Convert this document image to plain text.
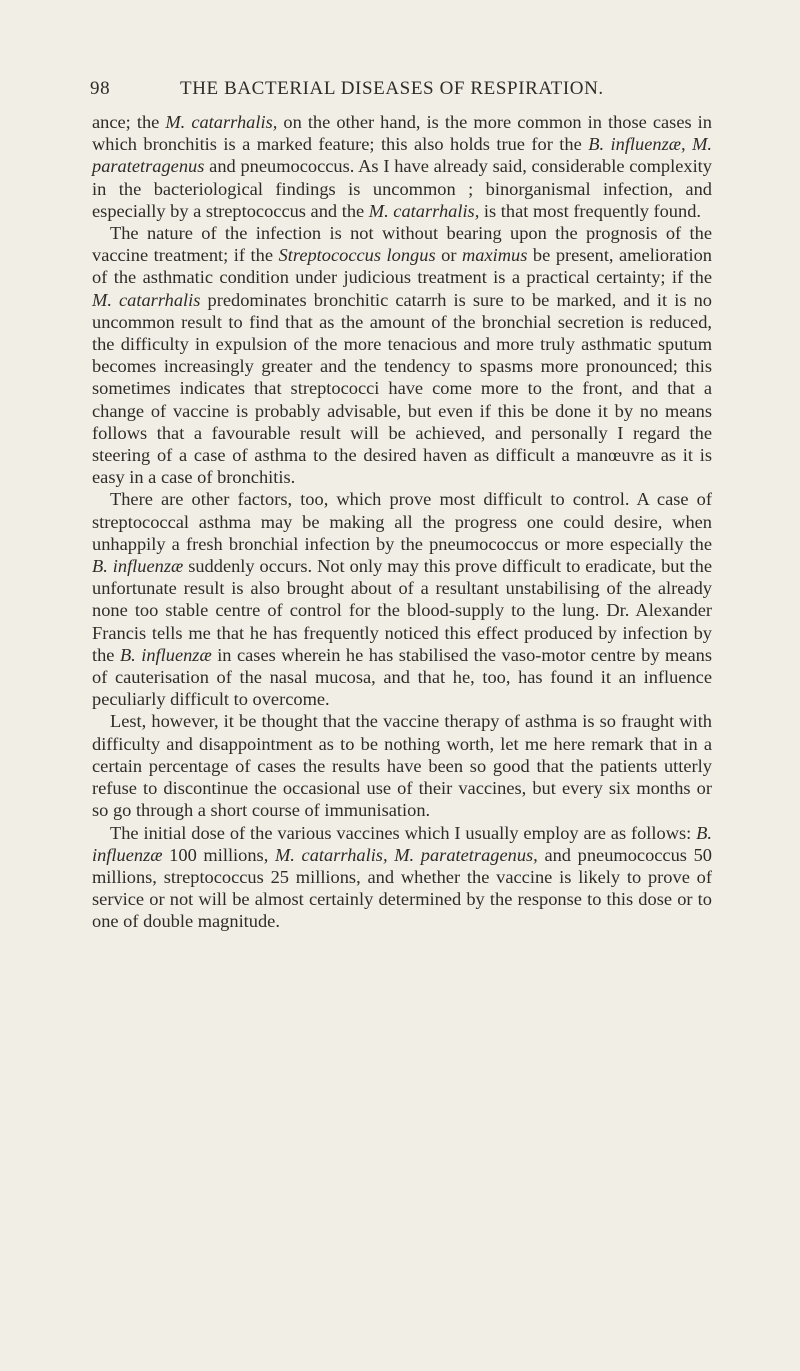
98	THE BACTERIAL DISEASES OF RESPIRATION.

ance; the M. catarrhalis, on the other hand, is the more common in those cases in which bronchitis is a marked feature; this also holds true for the B. influenzæ, M. paratetragenus and pneumococcus. As I have already said, considerable complexity in the bacteriological findings is uncommon ; binorganismal infection, and especially by a streptococcus and the M. catarrhalis, is that most frequently found.

The nature of the infection is not without bearing upon the prognosis of the vaccine treatment; if the Streptococcus longus or maximus be present, amelioration of the asthmatic condition under judicious treatment is a practical certainty; if the M. catarrhalis predominates bronchitic catarrh is sure to be marked, and it is no uncommon result to find that as the amount of the bronchial secretion is reduced, the difficulty in expulsion of the more tenacious and more truly asthmatic sputum becomes increasingly greater and the tendency to spasms more pronounced; this sometimes indicates that streptococci have come more to the front, and that a change of vaccine is probably advisable, but even if this be done it by no means follows that a favourable result will be achieved, and personally I regard the steering of a case of asthma to the desired haven as difficult a manœuvre as it is easy in a case of bronchitis.

There are other factors, too, which prove most difficult to control. A case of streptococcal asthma may be making all the progress one could desire, when unhappily a fresh bronchial infection by the pneumococcus or more especially the B. influenzæ suddenly occurs. Not only may this prove difficult to eradicate, but the unfortunate result is also brought about of a resultant unstabilising of the already none too stable centre of control for the blood-supply to the lung. Dr. Alexander Francis tells me that he has frequently noticed this effect produced by infection by the B. influenzæ in cases wherein he has stabilised the vaso-motor centre by means of cauterisation of the nasal mucosa, and that he, too, has found it an influence peculiarly difficult to overcome.

Lest, however, it be thought that the vaccine therapy of asthma is so fraught with difficulty and disappointment as to be nothing worth, let me here remark that in a certain percentage of cases the results have been so good that the patients utterly refuse to discontinue the occasional use of their vaccines, but every six months or so go through a short course of immunisation.

The initial dose of the various vaccines which I usually employ are as follows: B. influenzæ 100 millions, M. catarrhalis, M. paratetragenus, and pneumococcus 50 millions, streptococcus 25 millions, and whether the vaccine is likely to prove of service or not will be almost certainly determined by the response to this dose or to one of double magnitude.
